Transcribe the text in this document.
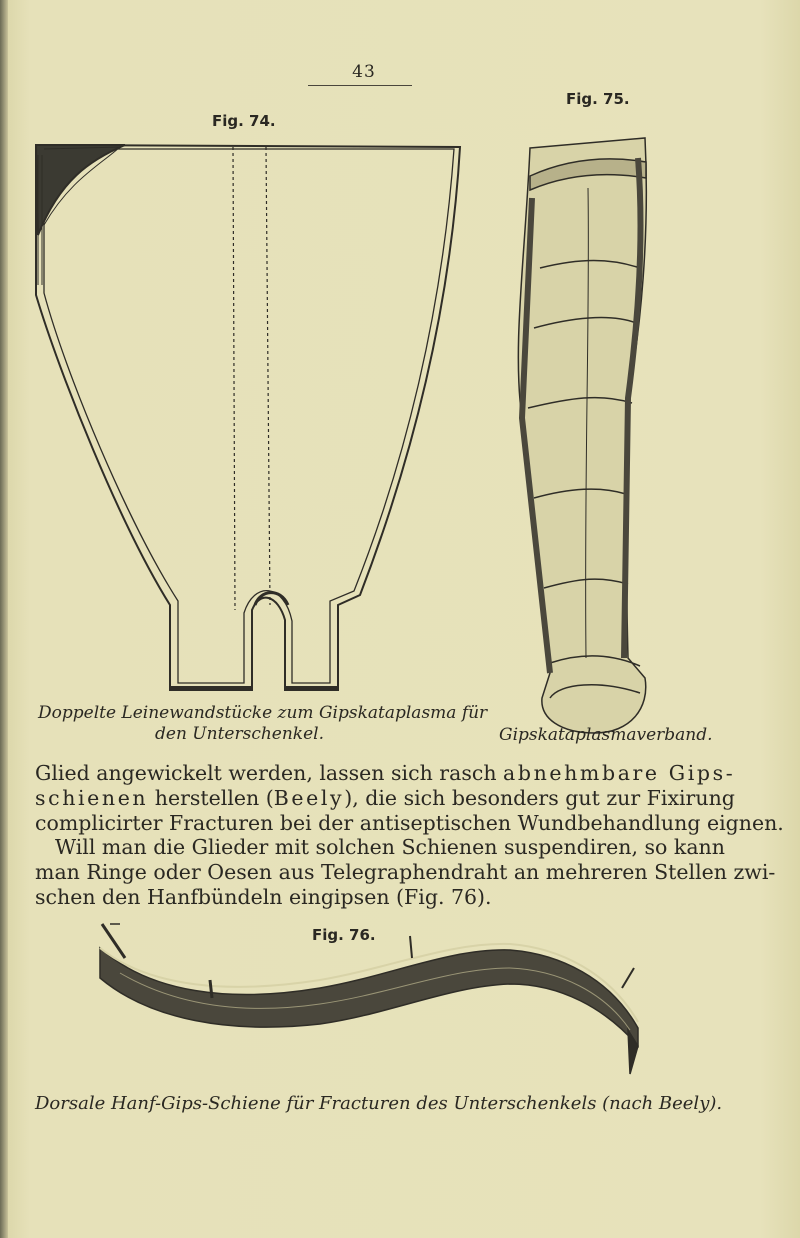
43
Fig. 74.
Doppelte Leinewandstücke zum Gipskataplasma für
den Unterschenkel.
Fig. 75.
Gipskataplasmaverband.
Glied angewickelt werden, lassen sich rasch abnehmbare Gips-
schienen herstellen (Beely), die sich besonders gut zur Fixirung
complicirter Fracturen bei der antiseptischen Wundbehandlung eignen.
Will man die Glieder mit solchen Schienen suspendiren, so kann
man Ringe oder Oesen aus Telegraphendraht an mehreren Stellen zwi-
schen den Hanfbündeln eingipsen (Fig. 76).
Fig. 76.
Dorsale Hanf-Gips-Schiene für Fracturen des Unterschenkels (nach Beely).
